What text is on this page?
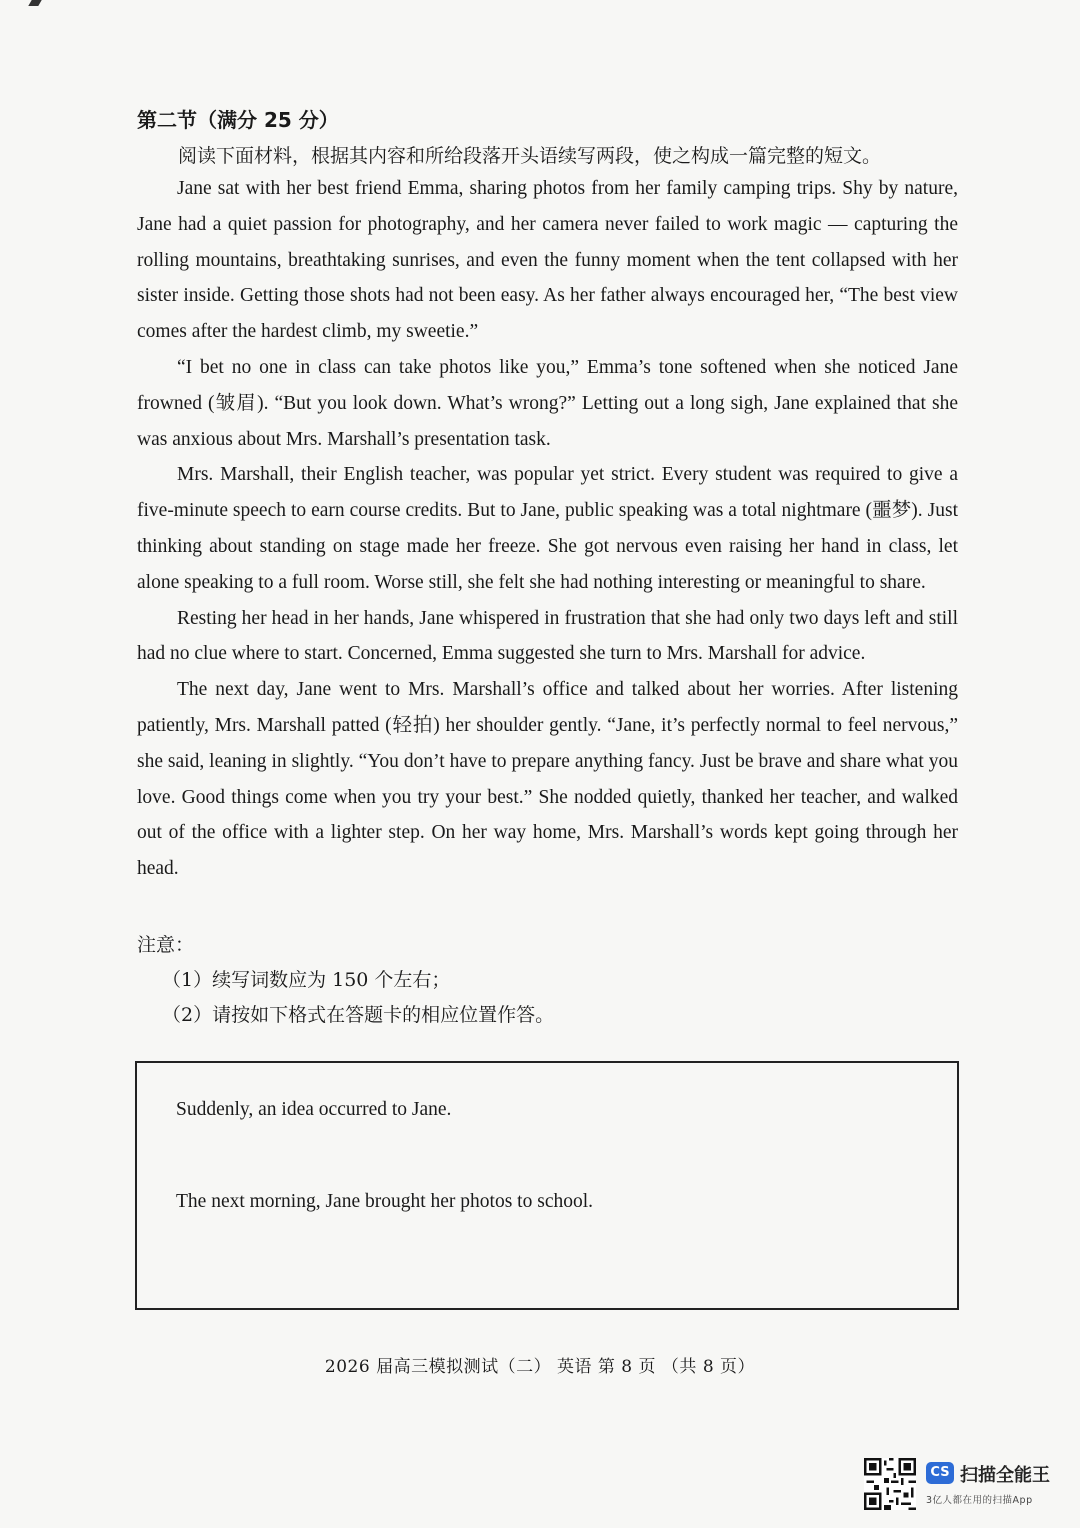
第二节（满分 25 分）
阅读下面材料，根据其内容和所给段落开头语续写两段，使之构成一篇完整的短文。

Jane sat with her best friend Emma, sharing photos from her family camping trips. Shy by nature, Jane had a quiet passion for photography, and her camera never failed to work magic — capturing the rolling mountains, breathtaking sunrises, and even the funny moment when the tent collapsed with her sister inside. Getting those shots had not been easy. As her father always encouraged her, “The best view comes after the hardest climb, my sweetie.”

“I bet no one in class can take photos like you,” Emma’s tone softened when she noticed Jane frowned (皱眉). “But you look down. What’s wrong?” Letting out a long sigh, Jane explained that she was anxious about Mrs. Marshall’s presentation task.

Mrs. Marshall, their English teacher, was popular yet strict. Every student was required to give a five-minute speech to earn course credits. But to Jane, public speaking was a total nightmare (噩梦). Just thinking about standing on stage made her freeze. She got nervous even raising her hand in class, let alone speaking to a full room. Worse still, she felt she had nothing interesting or meaningful to share.

Resting her head in her hands, Jane whispered in frustration that she had only two days left and still had no clue where to start. Concerned, Emma suggested she turn to Mrs. Marshall for advice.

The next day, Jane went to Mrs. Marshall’s office and talked about her worries. After listening patiently, Mrs. Marshall patted (轻拍) her shoulder gently. “Jane, it’s perfectly normal to feel nervous,” she said, leaning in slightly. “You don’t have to prepare anything fancy. Just be brave and share what you love. Good things come when you try your best.” She nodded quietly, thanked her teacher, and walked out of the office with a lighter step. On her way home, Mrs. Marshall’s words kept going through her head.

注意：
（1）续写词数应为 150 个左右；
（2）请按如下格式在答题卡的相应位置作答。
Suddenly, an idea occurred to Jane.
The next morning, Jane brought her photos to school.
2026 届高三模拟测试（二） 英语 第 8 页 （共 8 页）
CS 扫描全能王
3亿人都在用的扫描App
